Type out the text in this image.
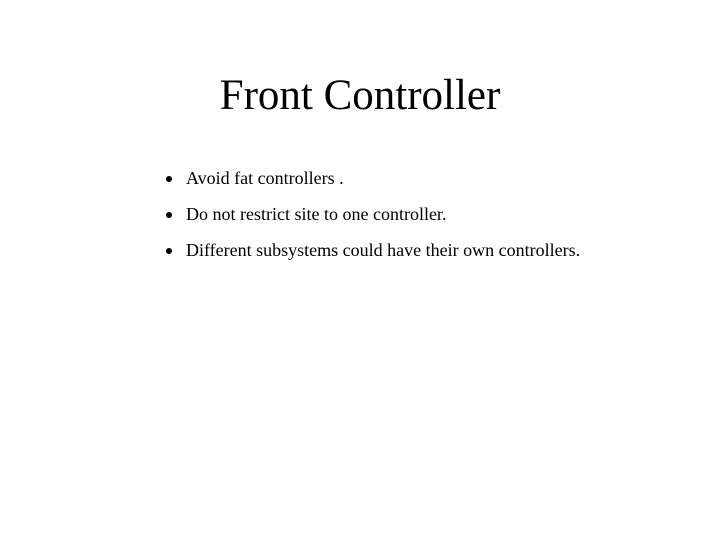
Front Controller
Avoid fat controllers .
Do not restrict site to one controller.
Different subsystems could have their own controllers.
